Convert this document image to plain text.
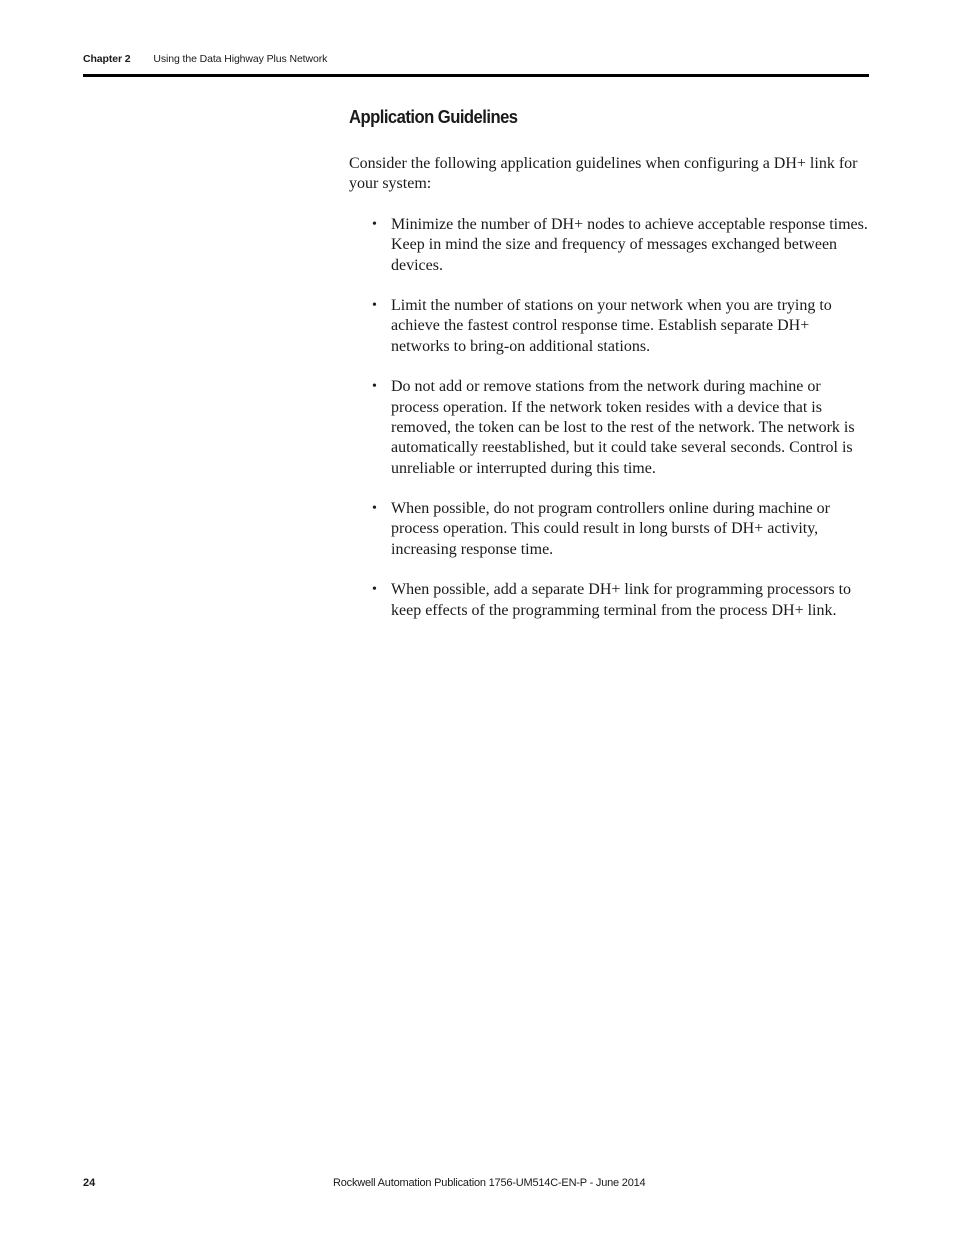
Chapter 2 Using the Data Highway Plus Network
Application Guidelines

Consider the following application guidelines when configuring a DH+ link for your system:

• Minimize the number of DH+ nodes to achieve acceptable response times. Keep in mind the size and frequency of messages exchanged between devices.
• Limit the number of stations on your network when you are trying to achieve the fastest control response time. Establish separate DH+ networks to bring-on additional stations.
• Do not add or remove stations from the network during machine or process operation. If the network token resides with a device that is removed, the token can be lost to the rest of the network. The network is automatically reestablished, but it could take several seconds. Control is unreliable or interrupted during this time.
• When possible, do not program controllers online during machine or process operation. This could result in long bursts of DH+ activity, increasing response time.
• When possible, add a separate DH+ link for programming processors to keep effects of the programming terminal from the process DH+ link.
24	Rockwell Automation Publication 1756-UM514C-EN-P - June 2014
